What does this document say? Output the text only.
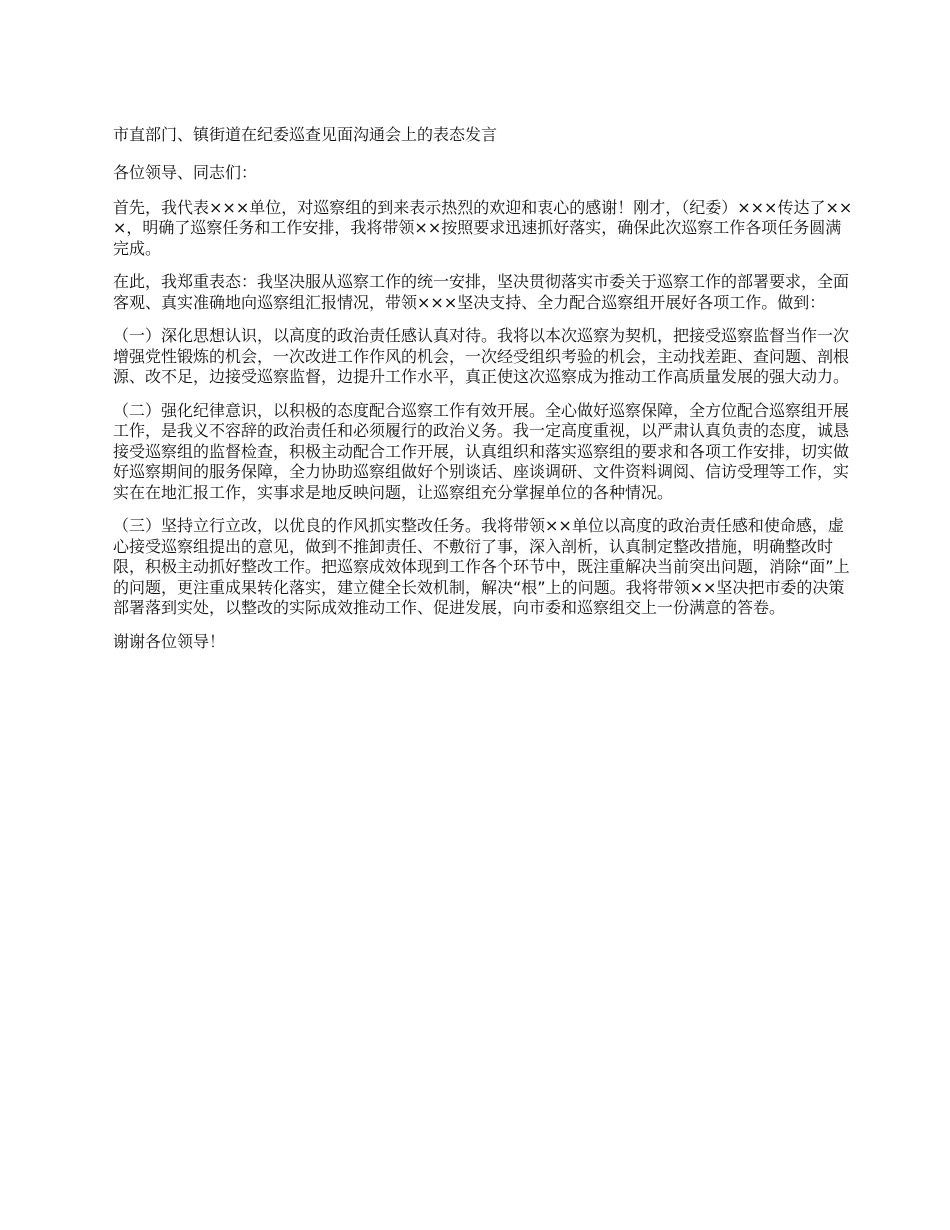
市直部门、镇街道在纪委巡查见面沟通会上的表态发言
各位领导、同志们：
首先，我代表×××单位，对巡察组的到来表示热烈的欢迎和衷心的感谢！刚才，（纪委）×××传达了×××，明确了巡察任务和工作安排，我将带领××按照要求迅速抓好落实，确保此次巡察工作各项任务圆满完成。
在此，我郑重表态：我坚决服从巡察工作的统一安排，坚决贯彻落实市委关于巡察工作的部署要求，全面客观、真实准确地向巡察组汇报情况，带领×××坚决支持、全力配合巡察组开展好各项工作。做到：
（一）深化思想认识，以高度的政治责任感认真对待。我将以本次巡察为契机，把接受巡察监督当作一次增强党性锻炼的机会，一次改进工作作风的机会，一次经受组织考验的机会，主动找差距、查问题、剖根源、改不足，边接受巡察监督，边提升工作水平，真正使这次巡察成为推动工作高质量发展的强大动力。
（二）强化纪律意识，以积极的态度配合巡察工作有效开展。全心做好巡察保障，全方位配合巡察组开展工作，是我义不容辞的政治责任和必须履行的政治义务。我一定高度重视，以严肃认真负责的态度，诚恳接受巡察组的监督检查，积极主动配合工作开展，认真组织和落实巡察组的要求和各项工作安排，切实做好巡察期间的服务保障，全力协助巡察组做好个别谈话、座谈调研、文件资料调阅、信访受理等工作，实实在在地汇报工作，实事求是地反映问题，让巡察组充分掌握单位的各种情况。
（三）坚持立行立改，以优良的作风抓实整改任务。我将带领××单位以高度的政治责任感和使命感，虚心接受巡察组提出的意见，做到不推卸责任、不敷衍了事，深入剖析，认真制定整改措施，明确整改时限，积极主动抓好整改工作。把巡察成效体现到工作各个环节中，既注重解决当前突出问题，消除“面”上的问题，更注重成果转化落实，建立健全长效机制，解决“根”上的问题。我将带领××坚决把市委的决策部署落到实处，以整改的实际成效推动工作、促进发展，向市委和巡察组交上一份满意的答卷。
谢谢各位领导！
